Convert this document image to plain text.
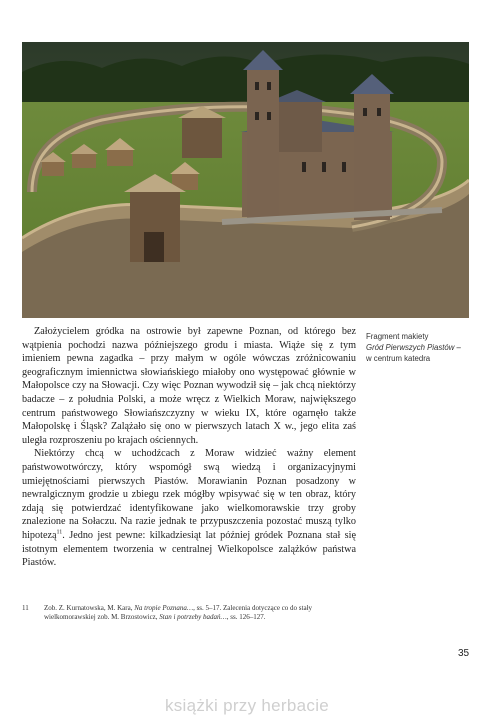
Założycielem gródka na ostrowie był zapewne Poznan, od którego bez wątpienia pochodzi nazwa późniejszego grodu i miasta. Wiąże się z tym imieniem pewna zagadka – przy małym w ogóle wówczas zróżnicowaniu geograficznym imiennictwa słowiańskiego miałoby ono występować głównie w Małopolsce czy na Słowacji. Czy więc Poznan wywodził się – jak chcą niektórzy badacze – z południa Polski, a może wręcz z Wielkich Moraw, największego centrum państwowego Słowiańszczyzny w wieku IX, które ogarnęło także Małopolskę i Śląsk? Zalążało się ono w pierwszych latach X w., jego elita zaś uległa rozproszeniu po krajach ościennych.

Niektórzy chcą w uchodźcach z Moraw widzieć ważny element państwowotwórczy, który wspomógł swą wiedzą i organizacyjnymi umiejętnościami pierwszych Piastów. Morawianin Poznan posadzony w newralgicznym grodzie u zbiegu rzek mógłby wpisywać się w ten obraz, który zdają się potwierdzać identyfikowane jako wielkomorawskie trzy groby znalezione na Sołaczu. Na razie jednak te przypuszczenia pozostać muszą tylko hipotezą$^{11}$. Jedno jest pewne: kilkadziesiąt lat później gródek Poznana stał się istotnym elementem tworzenia w centralnej Wielkopolsce zalążków państwa Piastów.

Fragment makiety
Gród Pierwszych Piastów –
w centrum katedra
11	Zob. Z. Kurnatowska, M. Kara, Na tropie Poznana…, ss. 5–17. Zalecenia dotyczące co do stały wielkomorawskiej zob. M. Brzostowicz, Stan i potrzeby badań…, ss. 126–127.
35
książki przy herbacie
